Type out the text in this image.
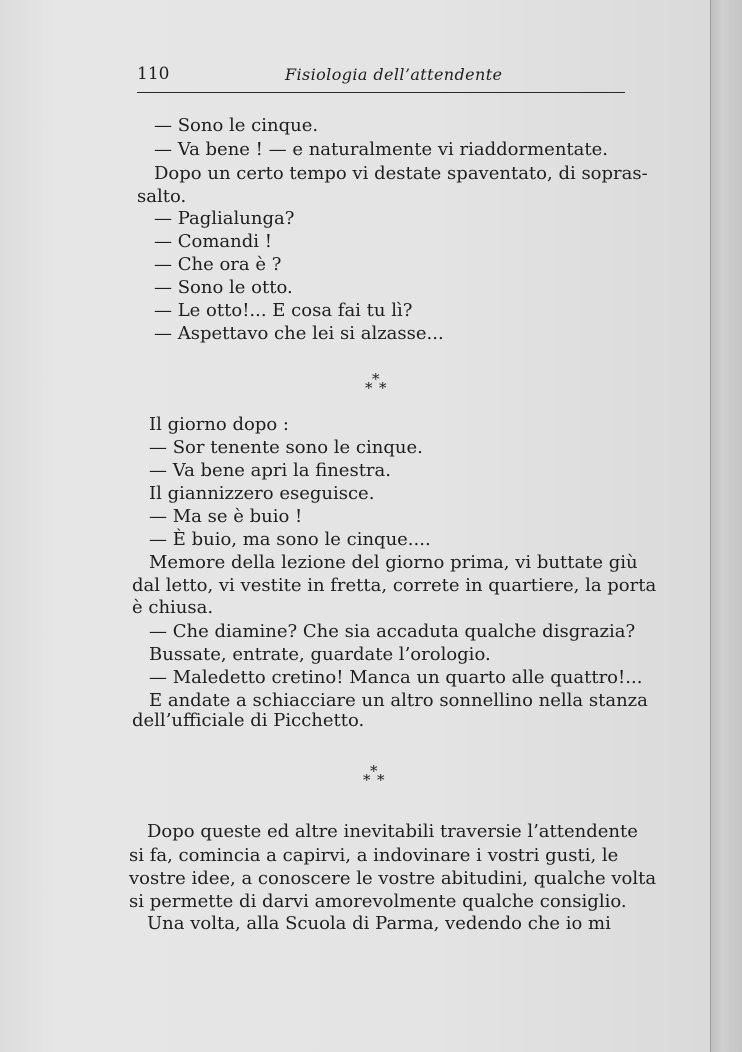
110	Fisiologia dell’attendente
— Sono le cinque.
— Va bene ! — e naturalmente vi riaddormentate.
Dopo un certo tempo vi destate spaventato, di sopras-
salto.
— Paglialunga?
— Comandi !
— Che ora è ?
— Sono le otto.
— Le otto!... E cosa fai tu lì?
— Aspettavo che lei si alzasse...
*
* *
Il giorno dopo :
— Sor tenente sono le cinque.
— Va bene apri la finestra.
Il giannizzero eseguisce.
— Ma se è buio !
— È buio, ma sono le cinque....
Memore della lezione del giorno prima, vi buttate giù
dal letto, vi vestite in fretta, correte in quartiere, la porta
è chiusa.
— Che diamine? Che sia accaduta qualche disgrazia?
Bussate, entrate, guardate l’orologio.
— Maledetto cretino! Manca un quarto alle quattro!...
E andate a schiacciare un altro sonnellino nella stanza
dell’ufficiale di Picchetto.
*
* *
Dopo queste ed altre inevitabili traversie l’attendente
si fa, comincia a capirvi, a indovinare i vostri gusti, le
vostre idee, a conoscere le vostre abitudini, qualche volta
si permette di darvi amorevolmente qualche consiglio.
Una volta, alla Scuola di Parma, vedendo che io mi
